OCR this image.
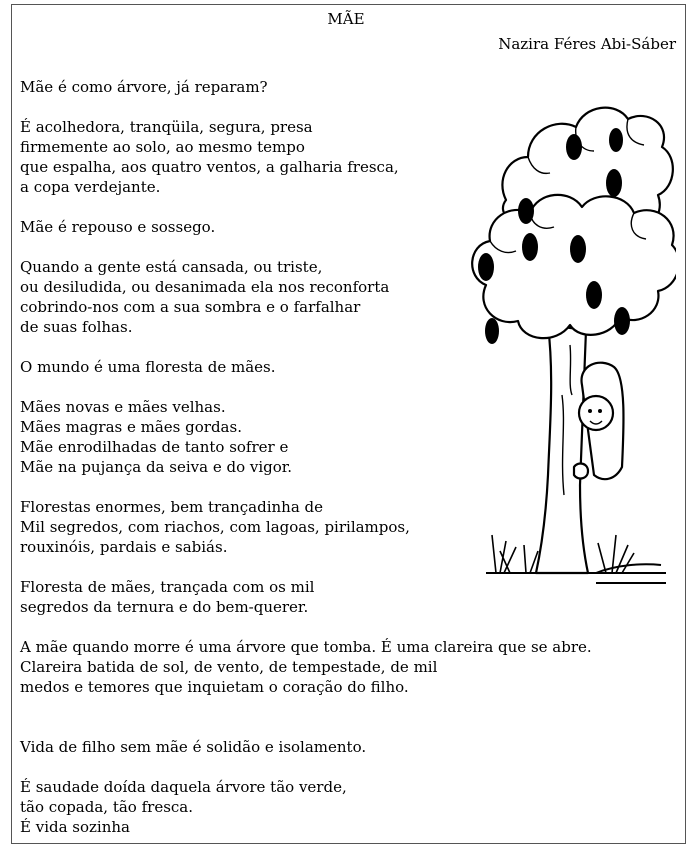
MÃE
Nazira Féres Abi-Sáber
Mãe é como árvore, já reparam?
É acolhedora, tranqüila, segura, presa
firmemente ao solo, ao mesmo tempo
que espalha, aos quatro ventos, a galharia fresca,
a copa verdejante.
Mãe é repouso e sossego.
Quando a gente está cansada, ou triste,
ou desiludida, ou desanimada ela nos reconforta
cobrindo-nos com a sua sombra e o farfalhar
de suas folhas.
O mundo é uma floresta de mães.
Mães novas e mães velhas.
Mães magras e mães gordas.
Mãe enrodilhadas de tanto sofrer e
Mãe na pujança da seiva e do vigor.
Florestas enormes, bem trançadinha de
Mil segredos, com riachos, com lagoas, pirilampos,
rouxinóis, pardais e sabiás.
Floresta de mães, trançada com os mil
segredos da ternura e do bem-querer.
A mãe quando morre é uma árvore que tomba. É uma clareira que se abre.
Clareira batida de sol, de vento, de tempestade, de mil
medos e temores que inquietam o coração do filho.
Vida de filho sem mãe é solidão e isolamento.
É saudade doída daquela árvore tão verde,
tão copada, tão fresca.
É vida sozinha
